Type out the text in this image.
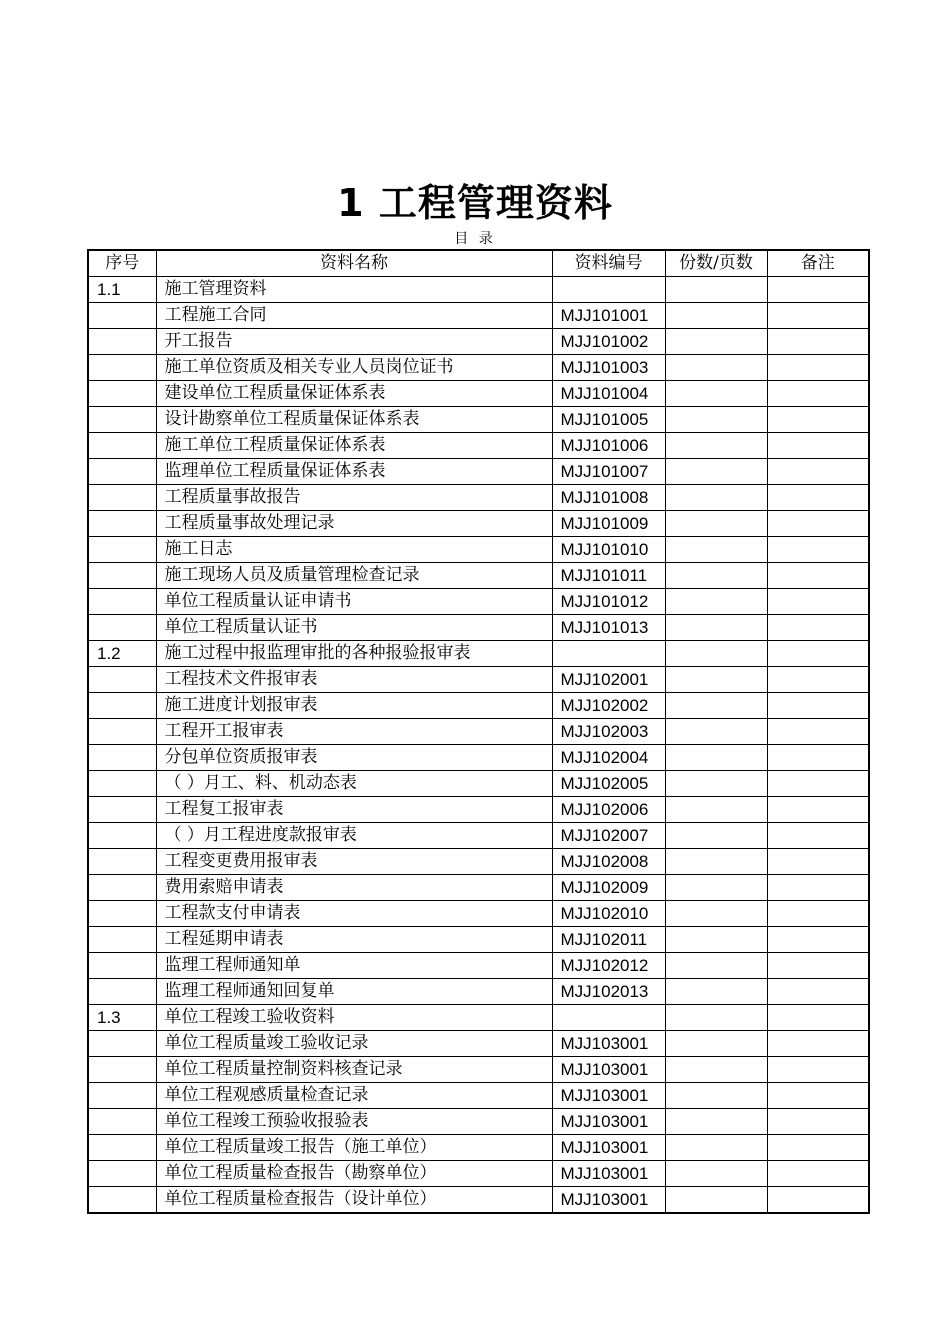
1 工程管理资料
目 录
序号	资料名称	资料编号	份数/页数	备注
1.1	施工管理资料			
	工程施工合同	MJJ101001		
	开工报告	MJJ101002		
	施工单位资质及相关专业人员岗位证书	MJJ101003		
	建设单位工程质量保证体系表	MJJ101004		
	设计勘察单位工程质量保证体系表	MJJ101005		
	施工单位工程质量保证体系表	MJJ101006		
	监理单位工程质量保证体系表	MJJ101007		
	工程质量事故报告	MJJ101008		
	工程质量事故处理记录	MJJ101009		
	施工日志	MJJ101010		
	施工现场人员及质量管理检查记录	MJJ101011		
	单位工程质量认证申请书	MJJ101012		
	单位工程质量认证书	MJJ101013		
1.2	施工过程中报监理审批的各种报验报审表			
	工程技术文件报审表	MJJ102001		
	施工进度计划报审表	MJJ102002		
	工程开工报审表	MJJ102003		
	分包单位资质报审表	MJJ102004		
	（ ）月工、料、机动态表	MJJ102005		
	工程复工报审表	MJJ102006		
	（ ）月工程进度款报审表	MJJ102007		
	工程变更费用报审表	MJJ102008		
	费用索赔申请表	MJJ102009		
	工程款支付申请表	MJJ102010		
	工程延期申请表	MJJ102011		
	监理工程师通知单	MJJ102012		
	监理工程师通知回复单	MJJ102013		
1.3	单位工程竣工验收资料			
	单位工程质量竣工验收记录	MJJ103001		
	单位工程质量控制资料核查记录	MJJ103001		
	单位工程观感质量检查记录	MJJ103001		
	单位工程竣工预验收报验表	MJJ103001		
	单位工程质量竣工报告（施工单位）	MJJ103001		
	单位工程质量检查报告（勘察单位）	MJJ103001		
	单位工程质量检查报告（设计单位）	MJJ103001		
